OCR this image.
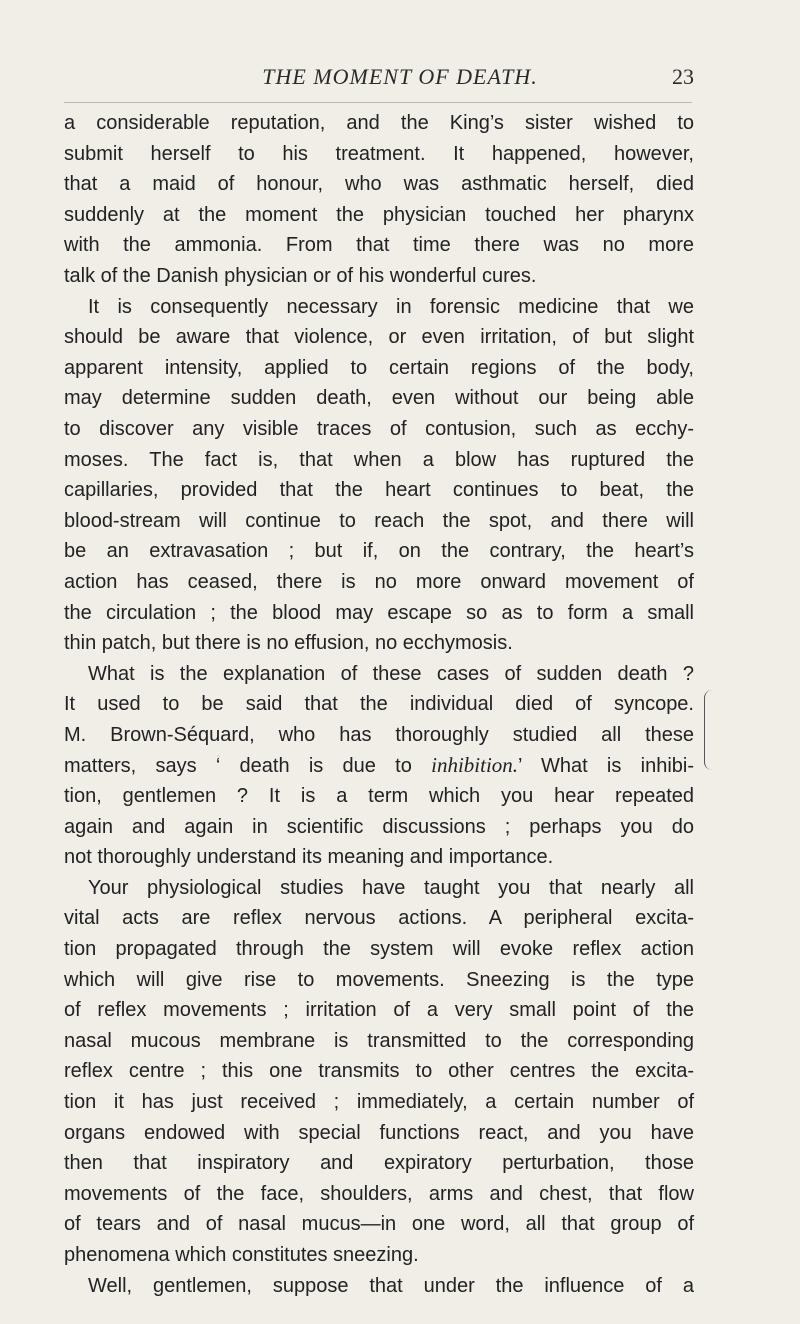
THE MOMENT OF DEATH.	23
a considerable reputation, and the King’s sister wished to
submit herself to his treatment. It happened, however,
that a maid of honour, who was asthmatic herself, died
suddenly at the moment the physician touched her pharynx
with the ammonia. From that time there was no more
talk of the Danish physician or of his wonderful cures.
It is consequently necessary in forensic medicine that we
should be aware that violence, or even irritation, of but slight
apparent intensity, applied to certain regions of the body,
may determine sudden death, even without our being able
to discover any visible traces of contusion, such as ecchy-
moses. The fact is, that when a blow has ruptured the
capillaries, provided that the heart continues to beat, the
blood-stream will continue to reach the spot, and there will
be an extravasation ; but if, on the contrary, the heart’s
action has ceased, there is no more onward movement of
the circulation ; the blood may escape so as to form a small
thin patch, but there is no effusion, no ecchymosis.
What is the explanation of these cases of sudden death ?
It used to be said that the individual died of syncope.
M. Brown-Séquard, who has thoroughly studied all these
matters, says ‘ death is due to inhibition.’ What is inhibi-
tion, gentlemen ? It is a term which you hear repeated
again and again in scientific discussions ; perhaps you do
not thoroughly understand its meaning and importance.
Your physiological studies have taught you that nearly all
vital acts are reflex nervous actions. A peripheral excita-
tion propagated through the system will evoke reflex action
which will give rise to movements. Sneezing is the type
of reflex movements ; irritation of a very small point of the
nasal mucous membrane is transmitted to the corresponding
reflex centre ; this one transmits to other centres the excita-
tion it has just received ; immediately, a certain number of
organs endowed with special functions react, and you have
then that inspiratory and expiratory perturbation, those
movements of the face, shoulders, arms and chest, that flow
of tears and of nasal mucus—in one word, all that group of
phenomena which constitutes sneezing.
Well, gentlemen, suppose that under the influence of a
